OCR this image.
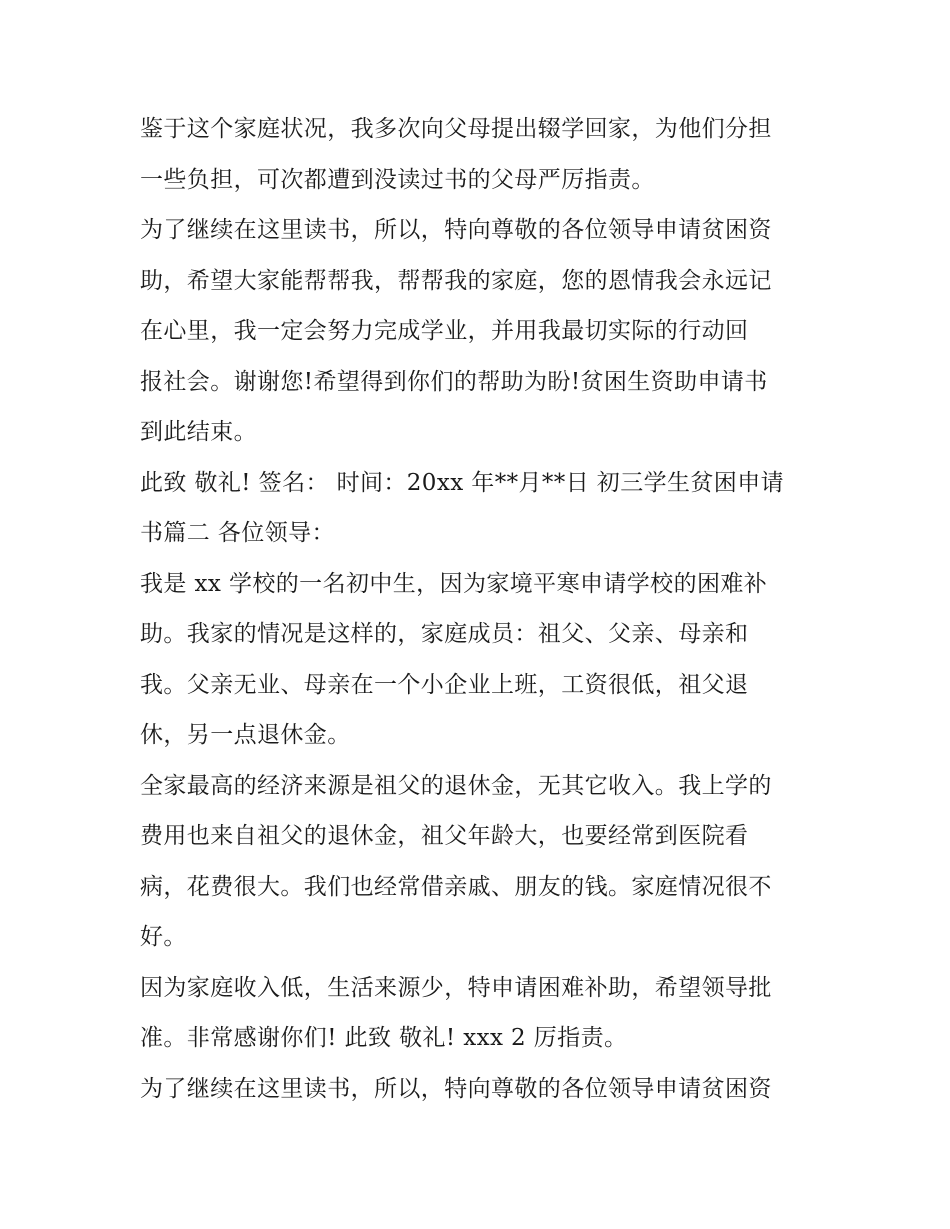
鉴于这个家庭状况，我多次向父母提出辍学回家，为他们分担
一些负担，可次都遭到没读过书的父母严厉指责。
为了继续在这里读书，所以，特向尊敬的各位领导申请贫困资
助，希望大家能帮帮我，帮帮我的家庭，您的恩情我会永远记
在心里，我一定会努力完成学业，并用我最切实际的行动回
报社会。谢谢您!希望得到你们的帮助为盼!贫困生资助申请书
到此结束。
此致 敬礼! 签名： 时间：20xx 年**月**日 初三学生贫困申请
书篇二 各位领导：
我是 xx 学校的一名初中生，因为家境平寒申请学校的困难补
助。我家的情况是这样的，家庭成员：祖父、父亲、母亲和
我。父亲无业、母亲在一个小企业上班，工资很低，祖父退
休，另一点退休金。
全家最高的经济来源是祖父的退休金，无其它收入。我上学的
费用也来自祖父的退休金，祖父年龄大，也要经常到医院看
病，花费很大。我们也经常借亲戚、朋友的钱。家庭情况很不
好。
因为家庭收入低，生活来源少，特申请困难补助，希望领导批
准。非常感谢你们! 此致 敬礼! xxx 2 厉指责。
为了继续在这里读书，所以，特向尊敬的各位领导申请贫困资
